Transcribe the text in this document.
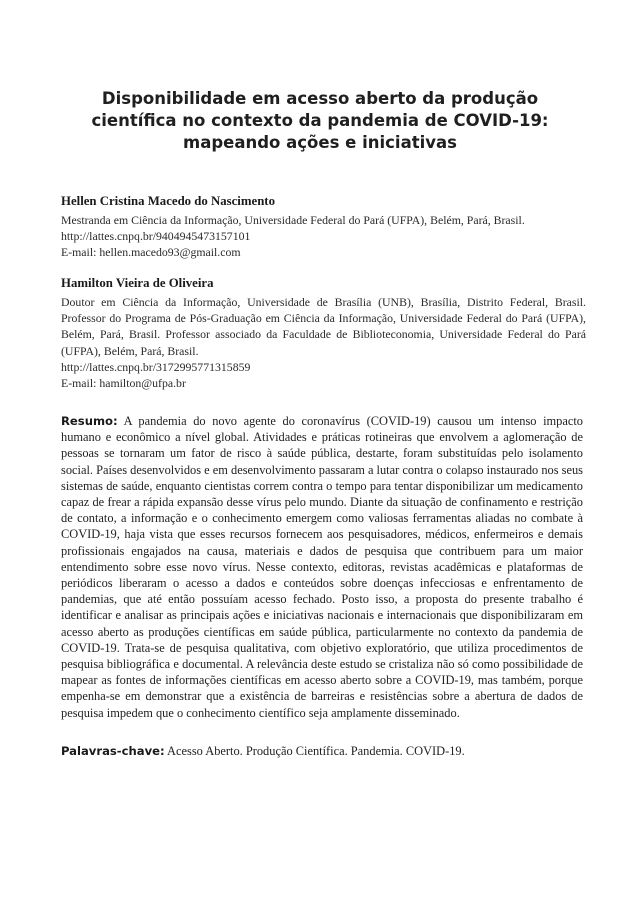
Disponibilidade em acesso aberto da produção científica no contexto da pandemia de COVID-19: mapeando ações e iniciativas

Hellen Cristina Macedo do Nascimento

Mestranda em Ciência da Informação, Universidade Federal do Pará (UFPA), Belém, Pará, Brasil.

http://lattes.cnpq.br/9404945473157101

E-mail: hellen.macedo93@gmail.com

Hamilton Vieira de Oliveira

Doutor em Ciência da Informação, Universidade de Brasília (UNB), Brasília, Distrito Federal, Brasil. Professor do Programa de Pós-Graduação em Ciência da Informação, Universidade Federal do Pará (UFPA), Belém, Pará, Brasil. Professor associado da Faculdade de Biblioteconomia, Universidade Federal do Pará (UFPA), Belém, Pará, Brasil.

http://lattes.cnpq.br/3172995771315859

E-mail: hamilton@ufpa.br

Resumo: A pandemia do novo agente do coronavírus (COVID-19) causou um intenso impacto humano e econômico a nível global. Atividades e práticas rotineiras que envolvem a aglomeração de pessoas se tornaram um fator de risco à saúde pública, destarte, foram substituídas pelo isolamento social. Países desenvolvidos e em desenvolvimento passaram a lutar contra o colapso instaurado nos seus sistemas de saúde, enquanto cientistas correm contra o tempo para tentar disponibilizar um medicamento capaz de frear a rápida expansão desse vírus pelo mundo. Diante da situação de confinamento e restrição de contato, a informação e o conhecimento emergem como valiosas ferramentas aliadas no combate à COVID-19, haja vista que esses recursos fornecem aos pesquisadores, médicos, enfermeiros e demais profissionais engajados na causa, materiais e dados de pesquisa que contribuem para um maior entendimento sobre esse novo vírus. Nesse contexto, editoras, revistas acadêmicas e plataformas de periódicos liberaram o acesso a dados e conteúdos sobre doenças infecciosas e enfrentamento de pandemias, que até então possuíam acesso fechado. Posto isso, a proposta do presente trabalho é identificar e analisar as principais ações e iniciativas nacionais e internacionais que disponibilizaram em acesso aberto as produções científicas em saúde pública, particularmente no contexto da pandemia de COVID-19. Trata-se de pesquisa qualitativa, com objetivo exploratório, que utiliza procedimentos de pesquisa bibliográfica e documental. A relevância deste estudo se cristaliza não só como possibilidade de mapear as fontes de informações científicas em acesso aberto sobre a COVID-19, mas também, porque empenha-se em demonstrar que a existência de barreiras e resistências sobre a abertura de dados de pesquisa impedem que o conhecimento científico seja amplamente disseminado.

Palavras-chave: Acesso Aberto. Produção Científica. Pandemia. COVID-19.
